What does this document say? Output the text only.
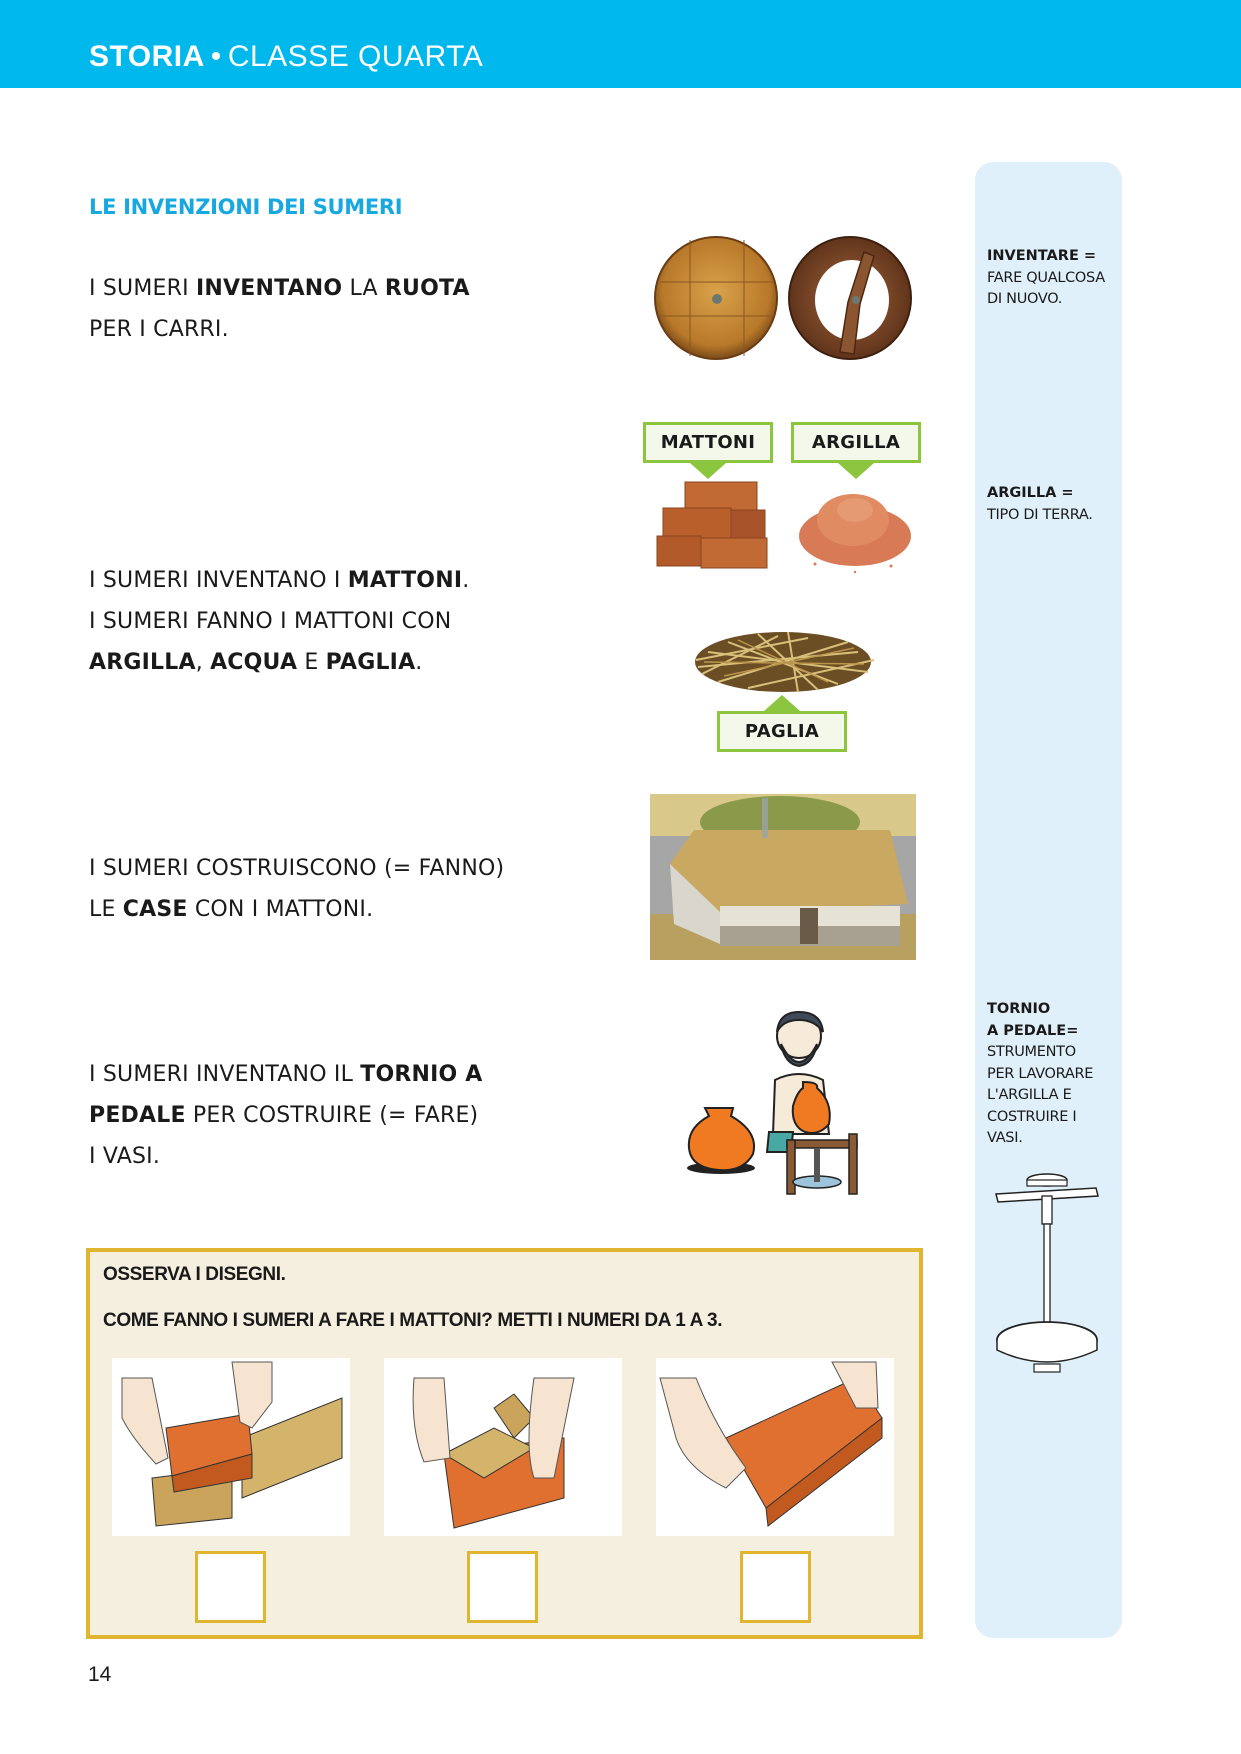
STORIA • CLASSE QUARTA
LE INVENZIONI DEI SUMERI
I SUMERI INVENTANO LA RUOTA
PER I CARRI.
MATTONI	ARGILLA
I SUMERI INVENTANO I MATTONI.
I SUMERI FANNO I MATTONI CON
ARGILLA, ACQUA E PAGLIA.
PAGLIA
I SUMERI COSTRUISCONO (= FANNO)
LE CASE CON I MATTONI.
I SUMERI INVENTANO IL TORNIO A
PEDALE PER COSTRUIRE (= FARE)
I VASI.
INVENTARE =
FARE QUALCOSA
DI NUOVO.
ARGILLA =
TIPO DI TERRA.
TORNIO
A PEDALE=
STRUMENTO
PER LAVORARE
L'ARGILLA E
COSTRUIRE I
VASI.
OSSERVA I DISEGNI.
COME FANNO I SUMERI A FARE I MATTONI? METTI I NUMERI DA 1 A 3.
14
